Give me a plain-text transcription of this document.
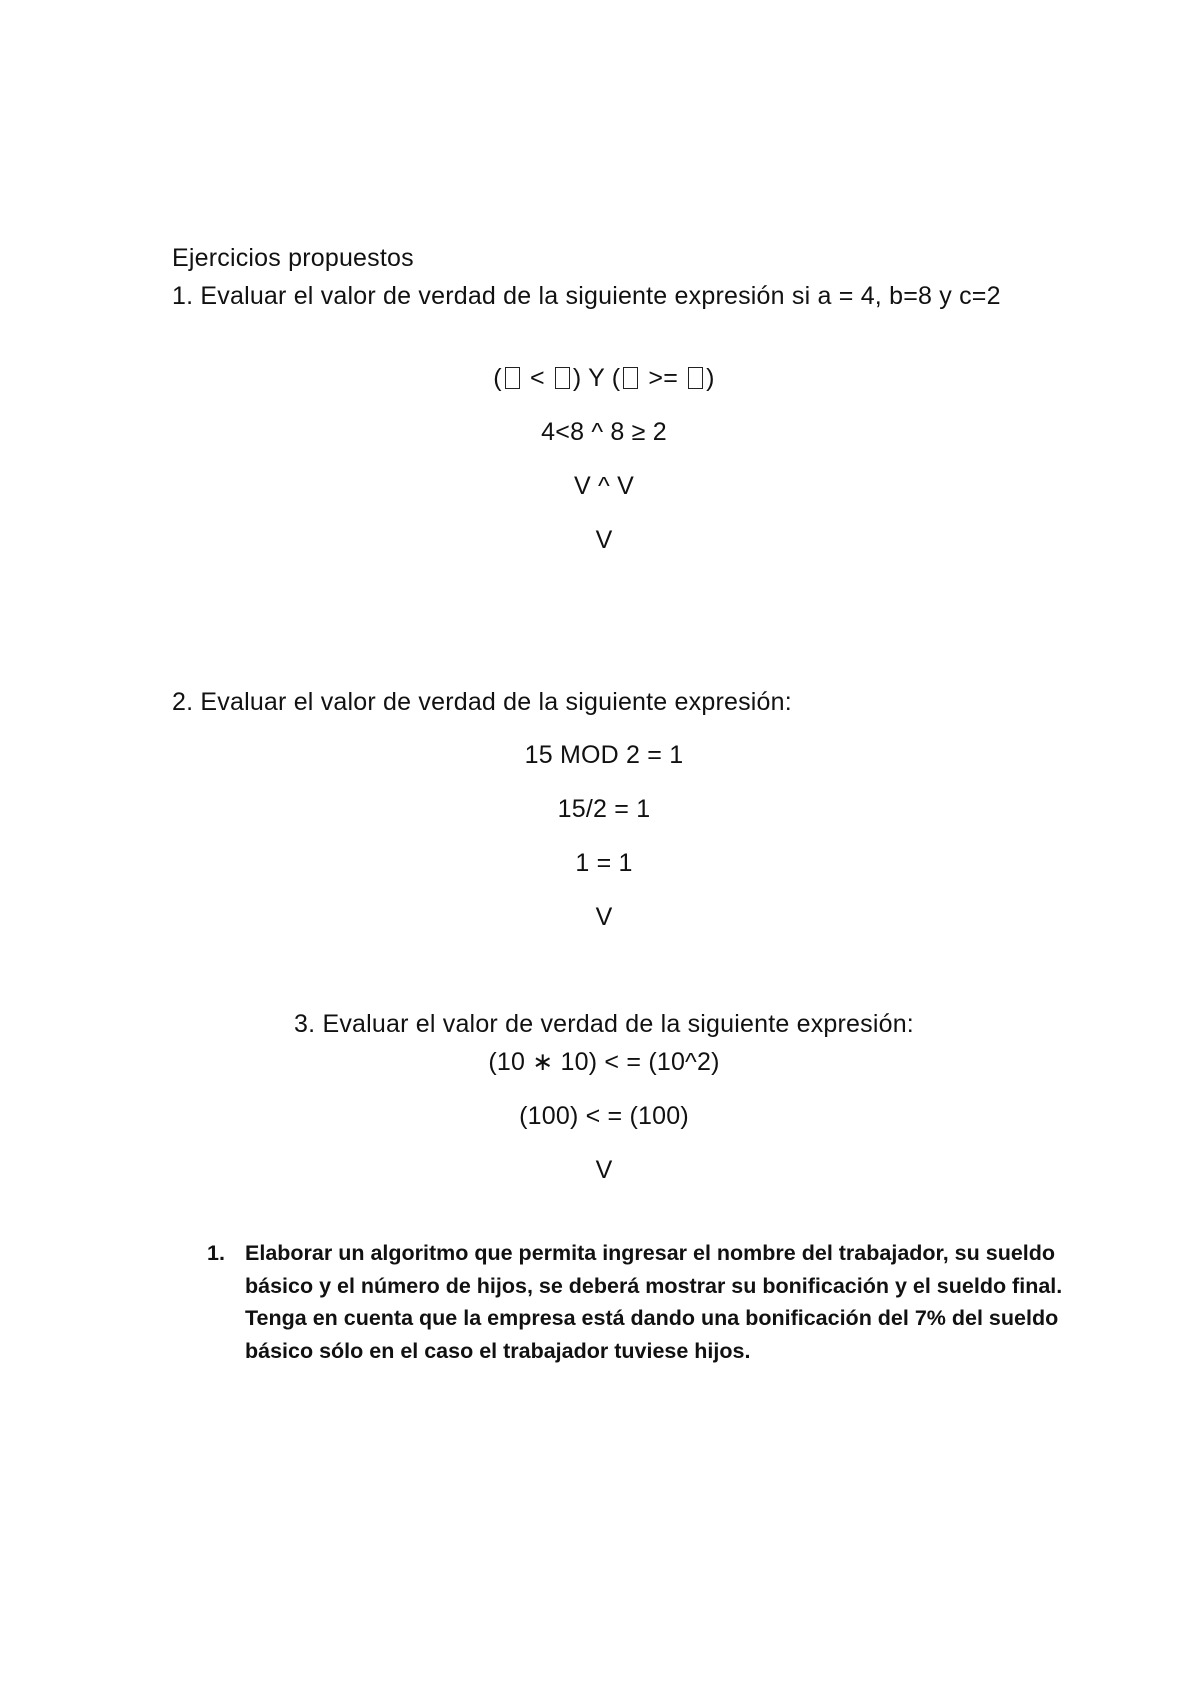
Ejercicios propuestos
1. Evaluar el valor de verdad de la siguiente expresión si a = 4, b=8 y c=2
( < ) Y ( >= )
4<8 ^ 8 ≥ 2
V ^ V
V
2. Evaluar el valor de verdad de la siguiente expresión:
15 MOD 2 = 1
15/2 = 1
1 = 1
V
3. Evaluar el valor de verdad de la siguiente expresión:
(10 ∗ 10) < = (10^2)
(100) < = (100)
V
1. Elaborar un algoritmo que permita ingresar el nombre del trabajador, su sueldo
básico y el número de hijos, se deberá mostrar su bonificación y el sueldo final.
Tenga en cuenta que la empresa está dando una bonificación del 7% del sueldo
básico sólo en el caso el trabajador tuviese hijos.
